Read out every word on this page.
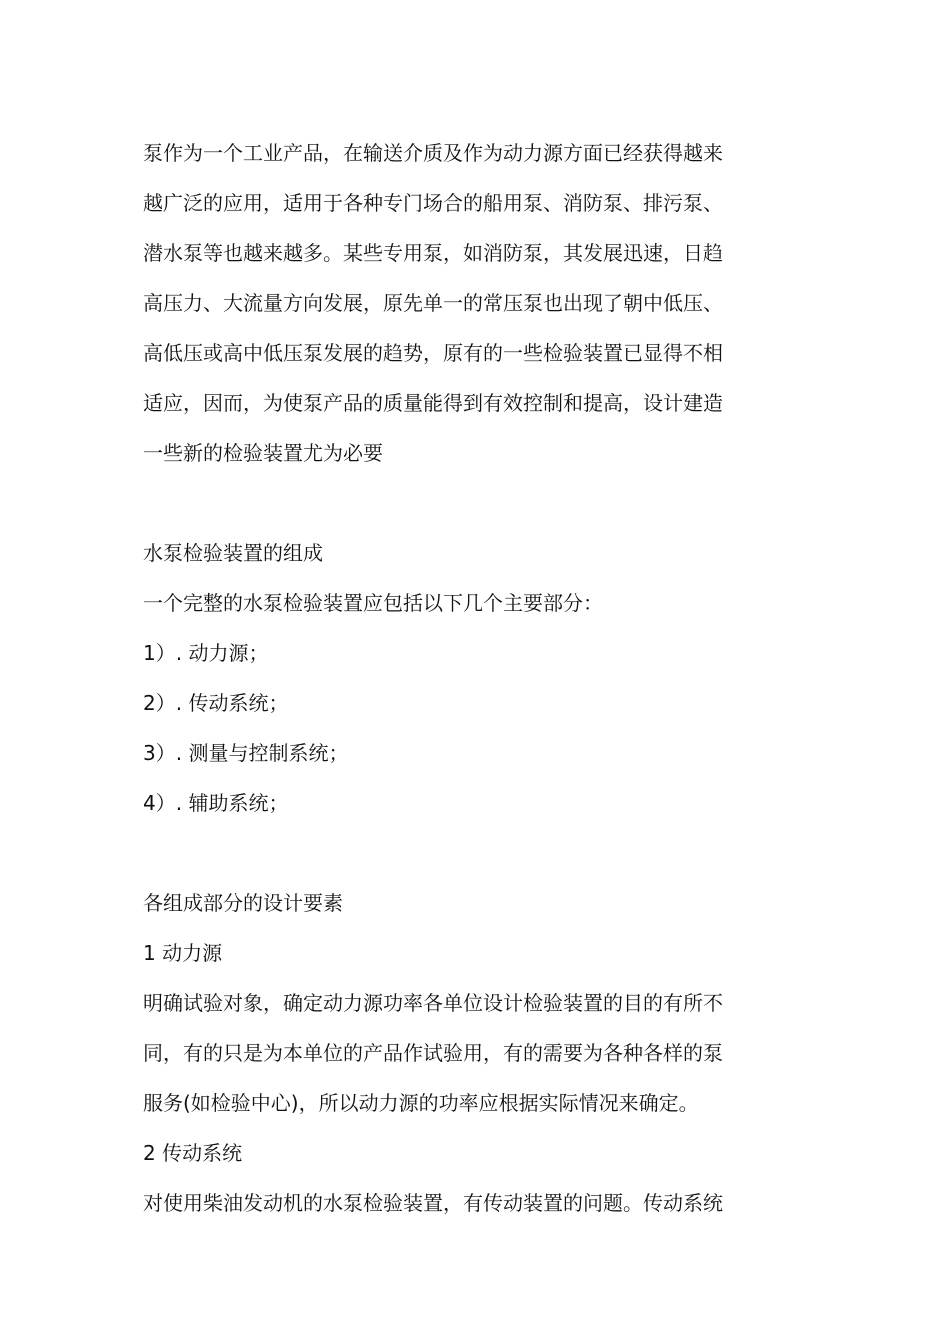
泵作为一个工业产品，在输送介质及作为动力源方面已经获得越来
越广泛的应用，适用于各种专门场合的船用泵、消防泵、排污泵、
潜水泵等也越来越多。某些专用泵，如消防泵，其发展迅速，日趋
高压力、大流量方向发展，原先单一的常压泵也出现了朝中低压、
高低压或高中低压泵发展的趋势，原有的一些检验装置已显得不相
适应，因而，为使泵产品的质量能得到有效控制和提高，设计建造
一些新的检验装置尤为必要
水泵检验装置的组成
一个完整的水泵检验装置应包括以下几个主要部分：
1）. 动力源；
2）. 传动系统；
3）. 测量与控制系统；
4）. 辅助系统；
各组成部分的设计要素
1 动力源
明确试验对象，确定动力源功率各单位设计检验装置的目的有所不
同，有的只是为本单位的产品作试验用，有的需要为各种各样的泵
服务(如检验中心)，所以动力源的功率应根据实际情况来确定。
2 传动系统
对使用柴油发动机的水泵检验装置，有传动装置的问题。传动系统
